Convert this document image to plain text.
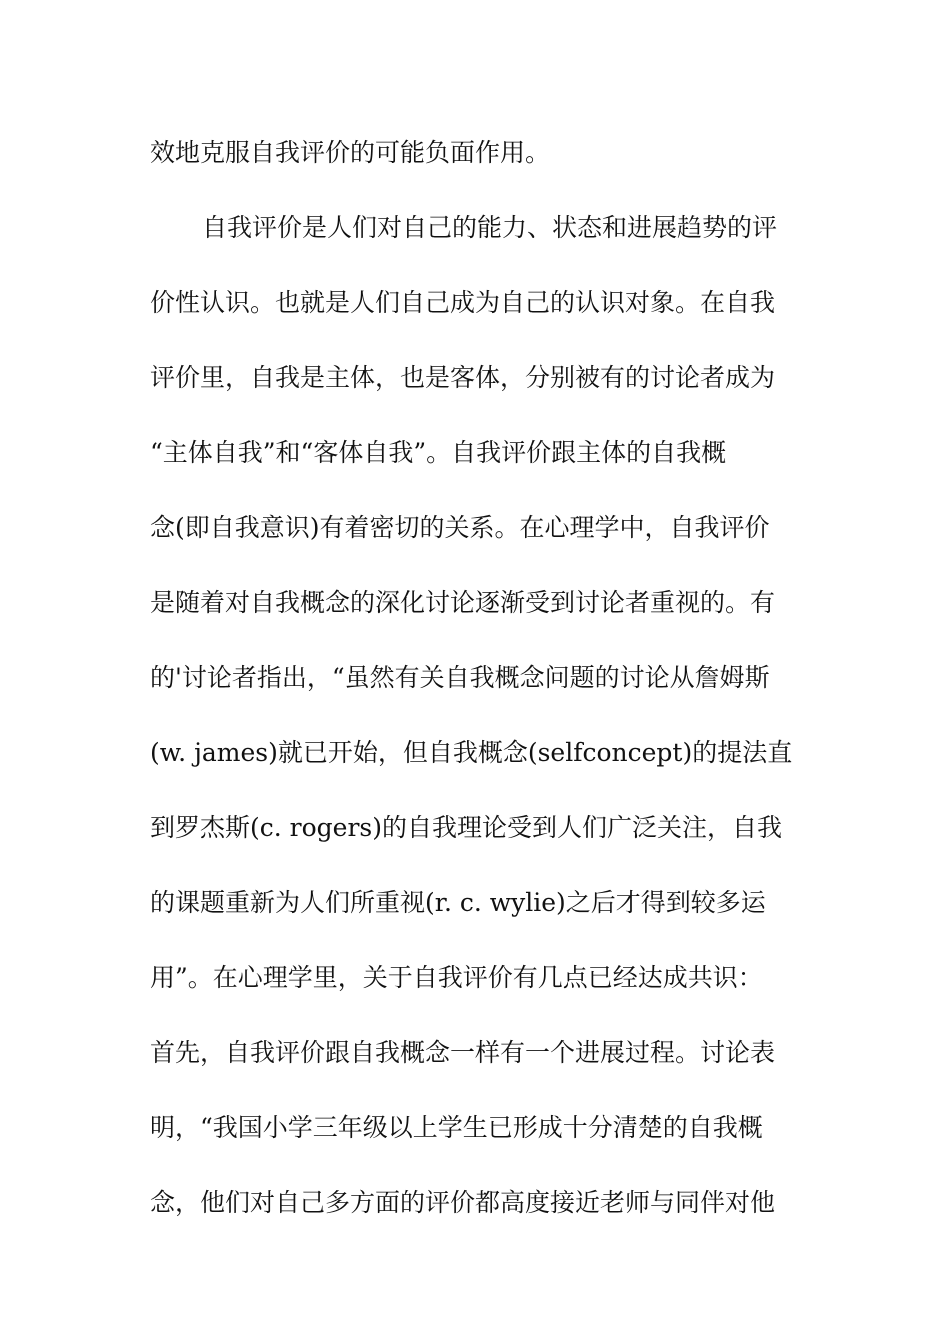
效地克服自我评价的可能负面作用。
自我评价是人们对自己的能力、状态和进展趋势的评
价性认识。也就是人们自己成为自己的认识对象。在自我
评价里，自我是主体，也是客体，分别被有的讨论者成为
“主体自我”和“客体自我”。自我评价跟主体的自我概
念(即自我意识)有着密切的关系。在心理学中，自我评价
是随着对自我概念的深化讨论逐渐受到讨论者重视的。有
的'讨论者指出，“虽然有关自我概念问题的讨论从詹姆斯
(w. james)就已开始，但自我概念(selfconcept)的提法直
到罗杰斯(c. rogers)的自我理论受到人们广泛关注，自我
的课题重新为人们所重视(r. c. wylie)之后才得到较多运
用”。在心理学里，关于自我评价有几点已经达成共识：
首先，自我评价跟自我概念一样有一个进展过程。讨论表
明，“我国小学三年级以上学生已形成十分清楚的自我概
念，他们对自己多方面的评价都高度接近老师与同伴对他
